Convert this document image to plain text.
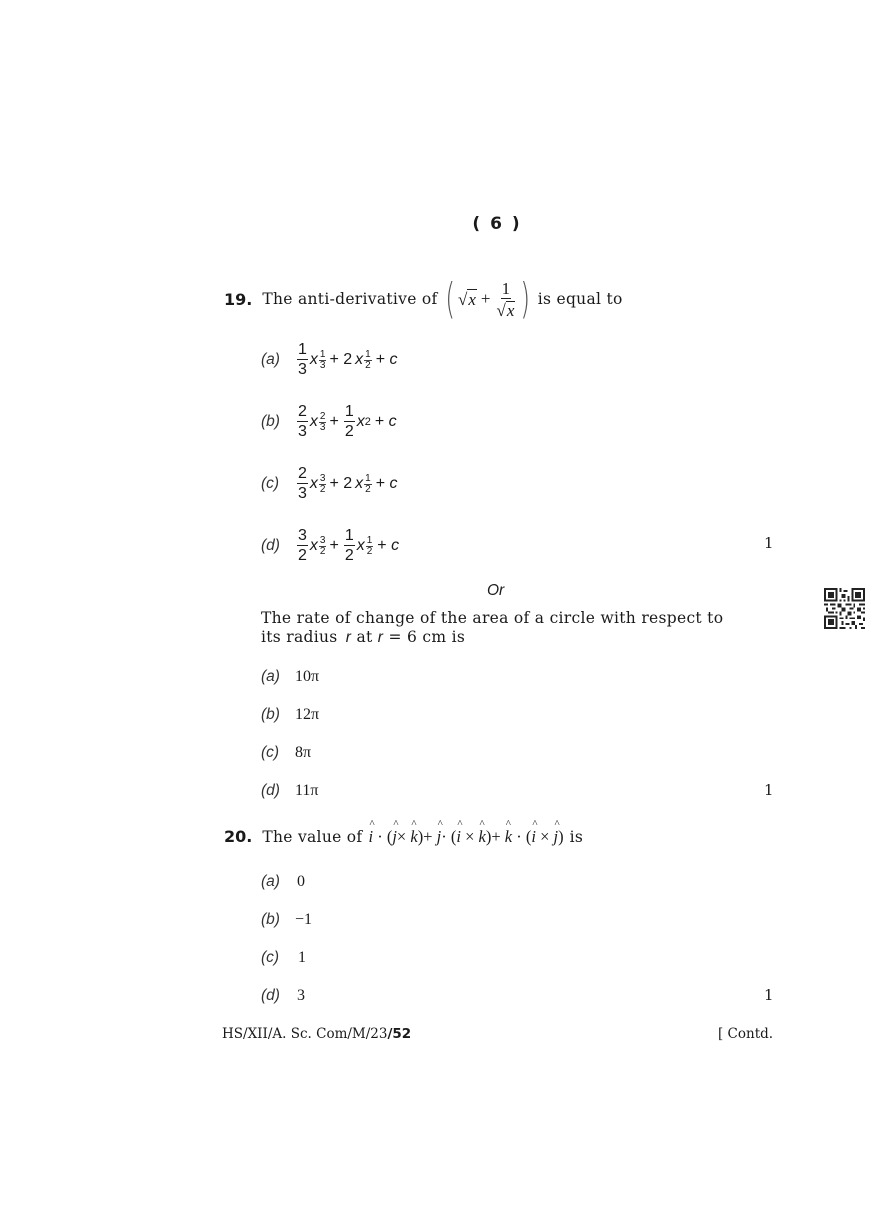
( 6 )
19. The anti-derivative of ( √ $x + \frac{1}{√ x}$ ) is equal to
(a)	$\frac{1}{3}$ x $\frac{1}{3} + 2$ x $\frac{1}{2} + c$
(b)	$\frac{2}{3}$ x $\frac{2}{3} + \frac{1}{2}$ x 2 + c
(c)	$\frac{2}{3}$ x $\frac{3}{2} + 2$ x $\frac{1}{2} + c$
(d)	$\frac{3}{2}$ x $\frac{3}{2} + \frac{1}{2}$ x $\frac{1}{2} + c$	1
Or
The rate of change of the area of a circle with respect to
its radius r at r = 6 cm is
(a) 10π
(b) 12π
(c) 8π
(d) 11π	1
20. The value of ^ i · (^ j× ^ k)+ ^ j· (^ i × ^ k)+ ^ k · (^ i × ^ j) is
(a) 0
(b) −1
(c) 1
(d) 3	1
HS/XII/A. Sc. Com/M/23/52	[ Contd.
